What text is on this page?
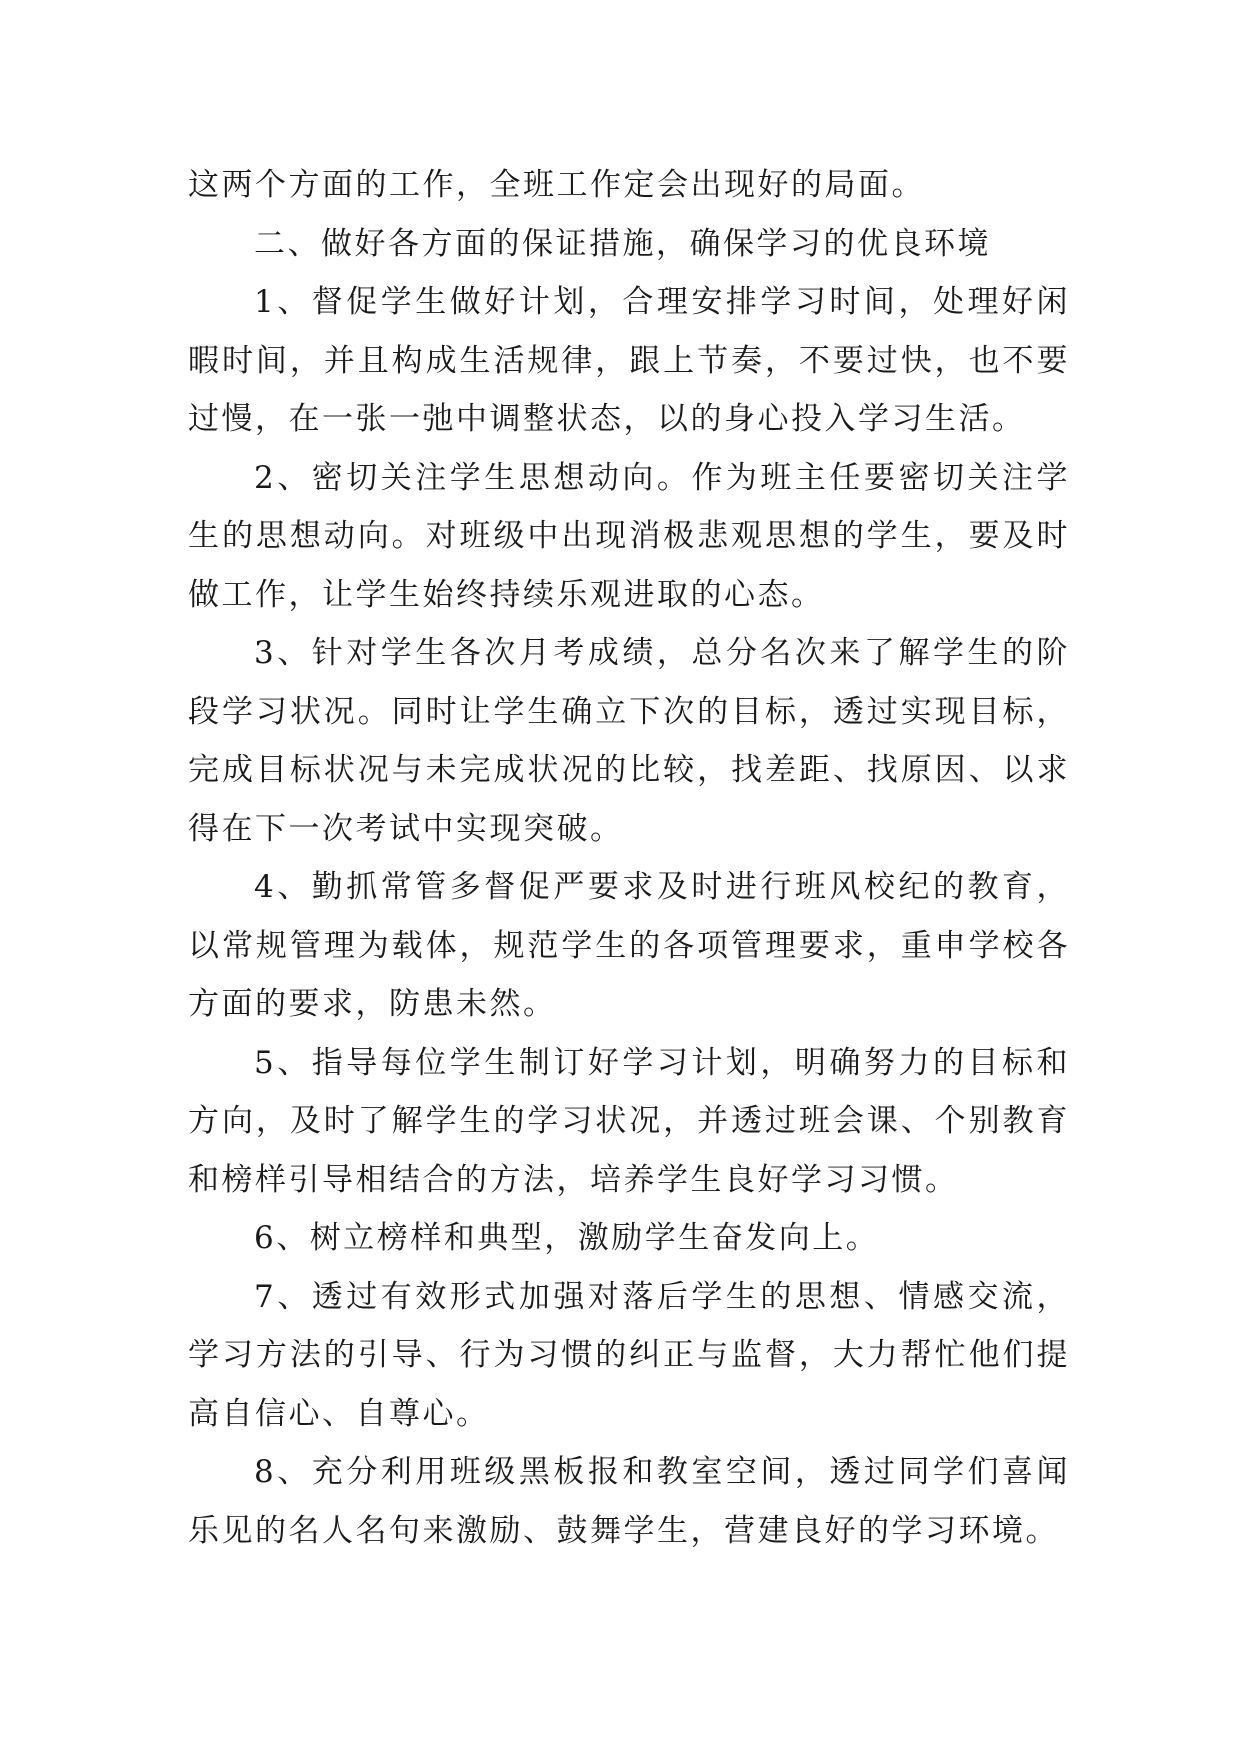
这两个方面的工作，全班工作定会出现好的局面。

二、做好各方面的保证措施，确保学习的优良环境

1、督促学生做好计划，合理安排学习时间，处理好闲暇时间，并且构成生活规律，跟上节奏，不要过快，也不要过慢，在一张一弛中调整状态，以的身心投入学习生活。

2、密切关注学生思想动向。作为班主任要密切关注学生的思想动向。对班级中出现消极悲观思想的学生，要及时做工作，让学生始终持续乐观进取的心态。

3、针对学生各次月考成绩，总分名次来了解学生的阶段学习状况。同时让学生确立下次的目标，透过实现目标，完成目标状况与未完成状况的比较，找差距、找原因、以求得在下一次考试中实现突破。

4、勤抓常管多督促严要求及时进行班风校纪的教育，以常规管理为载体，规范学生的各项管理要求，重申学校各方面的要求，防患未然。

5、指导每位学生制订好学习计划，明确努力的目标和方向，及时了解学生的学习状况，并透过班会课、个别教育和榜样引导相结合的方法，培养学生良好学习习惯。

6、树立榜样和典型，激励学生奋发向上。

7、透过有效形式加强对落后学生的思想、情感交流，学习方法的引导、行为习惯的纠正与监督，大力帮忙他们提高自信心、自尊心。

8、充分利用班级黑板报和教室空间，透过同学们喜闻乐见的名人名句来激励、鼓舞学生，营建良好的学习环境。
